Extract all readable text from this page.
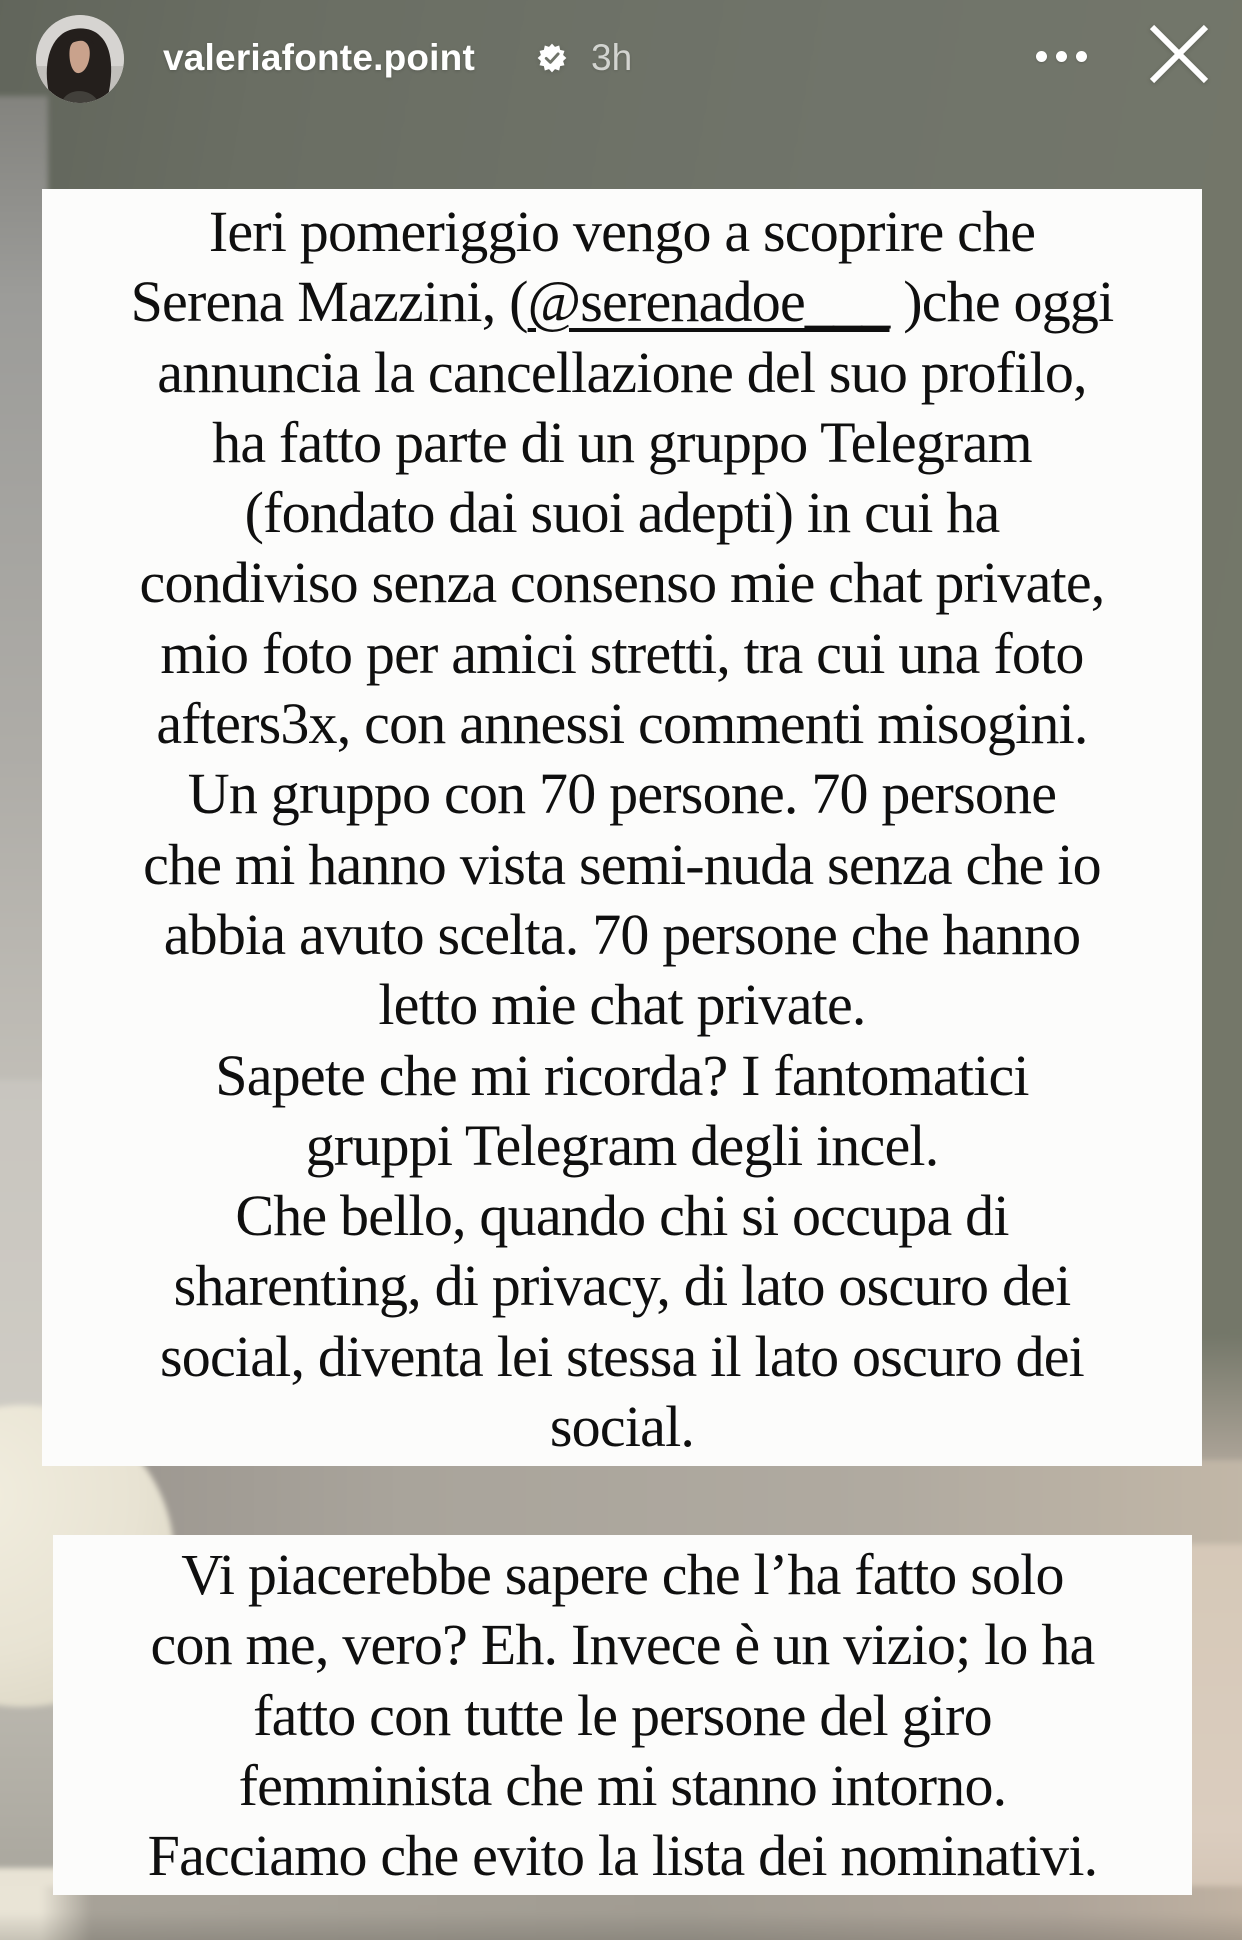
valeriafonte.point	3h
Ieri pomeriggio vengo a scoprire che
Serena Mazzini, (@serenadoe___ )che oggi
annuncia la cancellazione del suo profilo,
ha fatto parte di un gruppo Telegram
(fondato dai suoi adepti) in cui ha
condiviso senza consenso mie chat private,
mio foto per amici stretti, tra cui una foto
afters3x, con annessi commenti misogini.
Un gruppo con 70 persone. 70 persone
che mi hanno vista semi-nuda senza che io
abbia avuto scelta. 70 persone che hanno
letto mie chat private.
Sapete che mi ricorda? I fantomatici
gruppi Telegram degli incel.
Che bello, quando chi si occupa di
sharenting, di privacy, di lato oscuro dei
social, diventa lei stessa il lato oscuro dei
social.
Vi piacerebbe sapere che l’ha fatto solo
con me, vero? Eh. Invece è un vizio; lo ha
fatto con tutte le persone del giro
femminista che mi stanno intorno.
Facciamo che evito la lista dei nominativi.
